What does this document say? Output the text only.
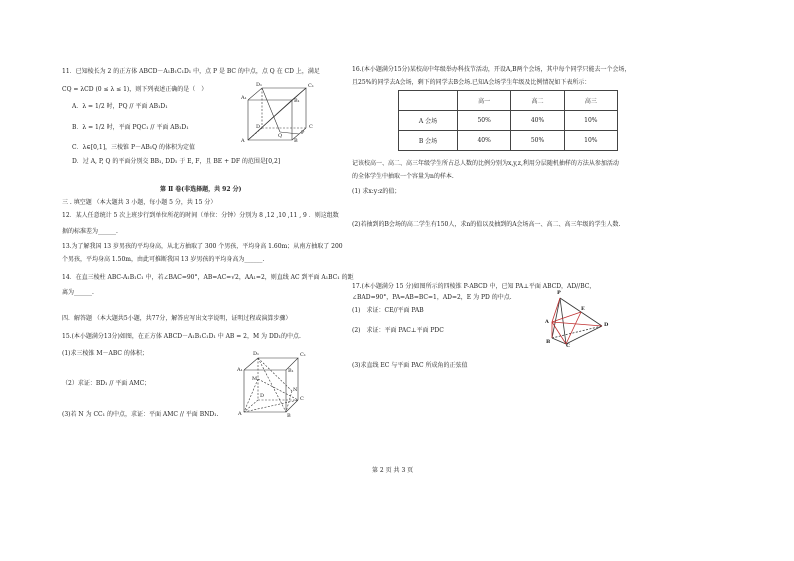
11．已知棱长为 2 的正方体 ABCD－A₁B₁C₁D₁ 中，点 P 是 BC 的中点，点 Q 在 CD 上，满足
CQ = λCD (0 ≤ λ ≤ 1)，则下列表述正确的是（　）
A．λ = 1/2 时，PQ // 平面 AB₁D₁
B．λ = 1/2 时，平面 PQC₁ // 平面 AB₁D₁
C．λ∈[0,1]，三棱锥 P－AB₁Q 的体积为定值
D．过 A, P, Q 的平面分别交 BB₁, DD₁ 于 E, F，且 BE + DF 的范围是[0,2]
D₁	C₁
A₁	B₁
D
Q	P
C
A	B
第 Ⅱ 卷(非选择题，共 92 分)
三 . 填空题 （本大题共 3 小题，每小题 5 分，共 15 分）
12．某人任意统计 5 次上班步行到单位所花的时间（单位：分钟）分别为 8 ,12 ,10 ,11 , 9 ．则这组数
据的标准差为______.
13.为了解我国 13 岁男孩的平均身高，从北方抽取了 300 个男孩，平均身高 1.60m；从南方抽取了 200
个男孩，平均身高 1.50m，由此可推断我国 13 岁男孩的平均身高为______.
14．在直三棱柱 ABC-A₁B₁C₁ 中，若∠BAC=90°，AB=AC=√2，AA₁=2，则直线 AC 到平面 A₁BC₁ 的距
离为______.
四．解答题 （本大题共5小题，共77分，解答应写出文字说明，证明过程或演算步骤）
15.(本小题满分13分)如图，在正方体 ABCD－A₁B₁C₁D₁ 中 AB = 2，M 为 DD₁的中点.
(1)求三棱锥 M－ABC 的体积；
（2）求证：BD₁ // 平面 AMC；
(3)若 N 为 CC₁ 的中点，求证：平面 AMC // 平面 BND₁.
D₁	C₁
A₁	B₁
M
N
D	C
A	B
16.(本小题满分15分)某校高中年级举办科技节活动，开设A,B两个会场，其中每个同学只能去一个会场，
且25%的同学去A会场，剩下的同学去B会场.已知A会场学生年级及比例情况如下表所示：
	高一	高二	高三
A 会场	50%	40%	10%
B 会场	40%	50%	10%
记该校高一、高二、高三年级学生所占总人数的比例分别为x,y,z,利用分层随机抽样的方法从参加活动
的全体学生中抽取一个容量为n的样本.
(1) 求x:y:z的值；
(2)若抽到的B会场的高二学生有150人，求n的值以及抽到的A会场高一、高二、高三年级的学生人数.
17.(本小题满分 15 分)如图所示的四棱锥 P-ABCD 中，已知 PA⊥平面 ABCD，AD//BC，
∠BAD=90°，PA=AB=BC=1，AD=2，E 为 PD 的中点.
(1)　求证：CE//平面 PAB
(2)　求证：平面 PAC⊥平面 PDC
(3)求直线 EC 与平面 PAC 所成角的正弦值
P
E
A	D
B
C
第 2 页 共 3 页
